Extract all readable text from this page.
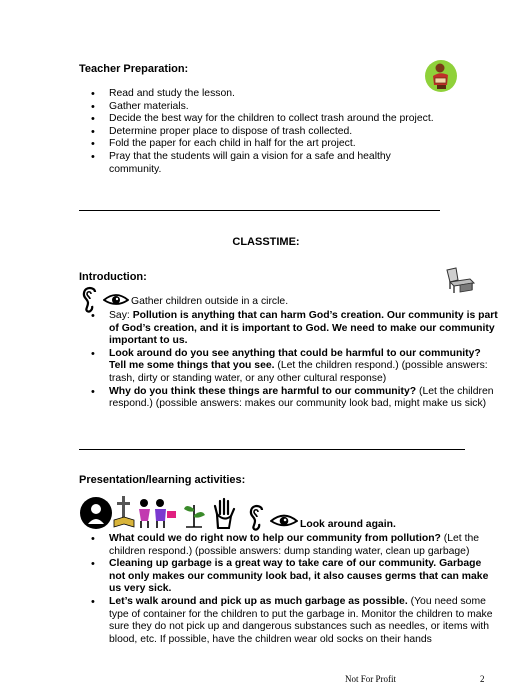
Teacher Preparation:
• Read and study the lesson.
• Gather materials.
• Decide the best way for the children to collect trash around the project.
• Determine proper place to dispose of trash collected.
• Fold the paper for each child in half for the art project.
• Pray that the students will gain a vision for a safe and healthy community.
CLASSTIME:
Introduction:
Gather children outside in a circle.
• Say: Pollution is anything that can harm God’s creation. Our community is part of God’s creation, and it is important to God. We need to make our community important to us.
• Look around do you see anything that could be harmful to our community? Tell me some things that you see. (Let the children respond.) (possible answers: trash, dirty or standing water, or any other cultural response)
• Why do you think these things are harmful to our community? (Let the children respond.) (possible answers: makes our community look bad, might make us sick)
Presentation/learning activities:
Look around again.
• What could we do right now to help our community from pollution? (Let the children respond.) (possible answers: dump standing water, clean up garbage)
• Cleaning up garbage is a great way to take care of our community. Garbage not only makes our community look bad, it also causes germs that can make us very sick.
• Let’s walk around and pick up as much garbage as possible. (You need some type of container for the children to put the garbage in. Monitor the children to make sure they do not pick up and dangerous substances such as needles, or items with blood, etc. If possible, have the children wear old socks on their hands
Not For Profit	2
